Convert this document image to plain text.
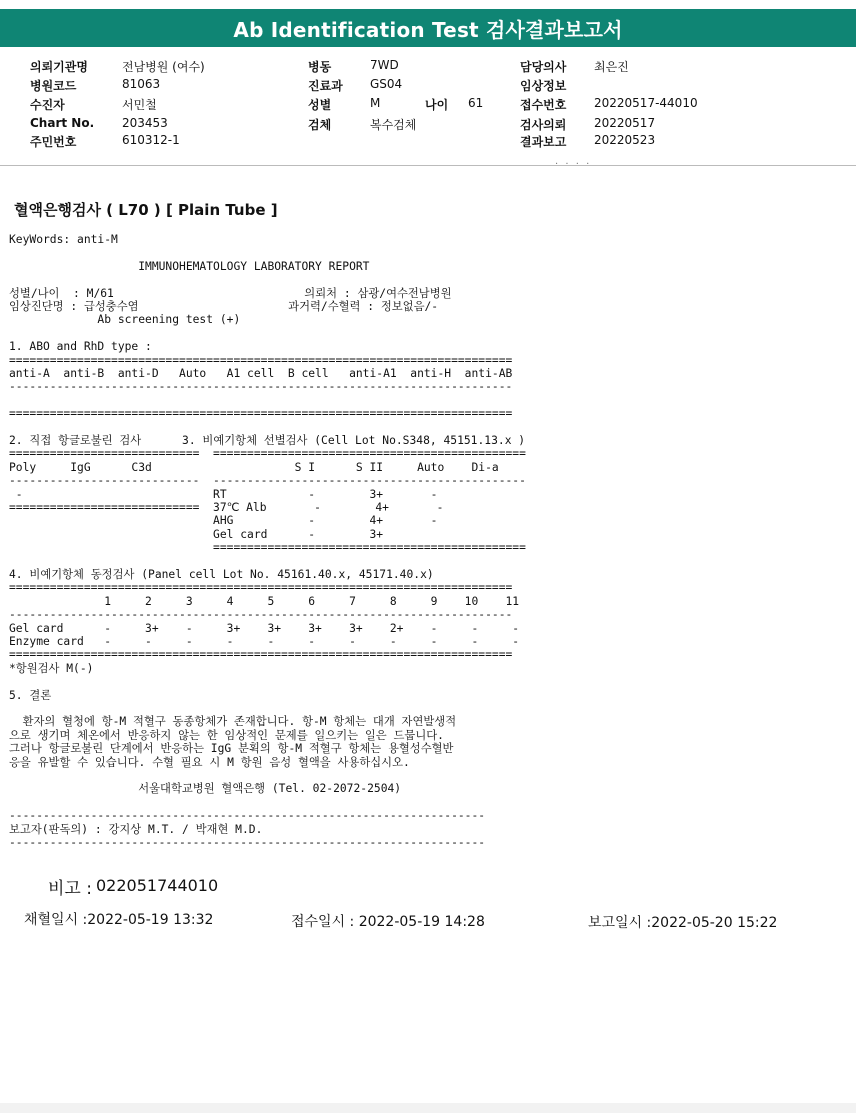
Ab Identification Test 검사결과보고서
의뢰기관명	전남병원 (여수)
병원코드	81063
수진자	서민철
Chart No. 203453
주민번호	610312-1
병동	7WD
진료과 GS04
성별	M	나이 61
검체	복수검체
담당의사 최은진
임상정보
접수번호 20220517-44010
검사의뢰 20220517
결과보고 20220523
· · · ·
혈액은행검사 ( L70 ) [ Plain Tube ]
KeyWords: anti-M
IMMUNOHEMATOLOGY LABORATORY REPORT
성별/나이  : M/61                            의뢰처 : 삼광/여수전남병원
임상진단명 : 급성충수염                      과거력/수혈력 : 정보없음/-
Ab screening test (+)
1. ABO and RhD type :
==========================================================================
anti-A  anti-B  anti-D   Auto   A1 cell  B cell   anti-A1  anti-H  anti-AB
--------------------------------------------------------------------------
==========================================================================
2. 직접 항글로불린 검사      3. 비예기항체 선별검사 (Cell Lot No.S348, 45151.13.x )
============================  ==============================================
Poly     IgG      C3d                     S I      S II     Auto    Di-a
----------------------------  ----------------------------------------------
-                            RT            -        3+       -
============================  37℃ Alb       -        4+       -
AHG           -        4+       -
Gel card      -        3+
==============================================
4. 비예기항체 동정검사 (Panel cell Lot No. 45161.40.x, 45171.40.x)
==========================================================================
1     2     3     4     5     6     7     8     9    10    11
--------------------------------------------------------------------------
Gel card      -     3+    -     3+    3+    3+    3+    2+    -     -     -
Enzyme card   -     -     -     -     -     -     -     -     -     -     -
==========================================================================
*항원검사 M(-)
5. 결론
환자의 혈청에 항-M 적혈구 동종항체가 존재합니다. 항-M 항체는 대개 자연발생적
으로 생기며 체온에서 반응하지 않는 한 임상적인 문제를 일으키는 일은 드뭅니다.
그러나 항글로불린 단계에서 반응하는 IgG 분획의 항-M 적혈구 항체는 용혈성수혈반
응을 유발할 수 있습니다. 수혈 필요 시 M 항원 음성 혈액을 사용하십시오.
서울대학교병원 혈액은행 (Tel. 02-2072-2504)
----------------------------------------------------------------------
보고자(판독의) : 강지상 M.T. / 박재현 M.D.
----------------------------------------------------------------------
비고 : 022051744010
채혈일시 :2022-05-19 13:32	접수일시 : 2022-05-19 14:28	보고일시 :2022-05-20 15:22
